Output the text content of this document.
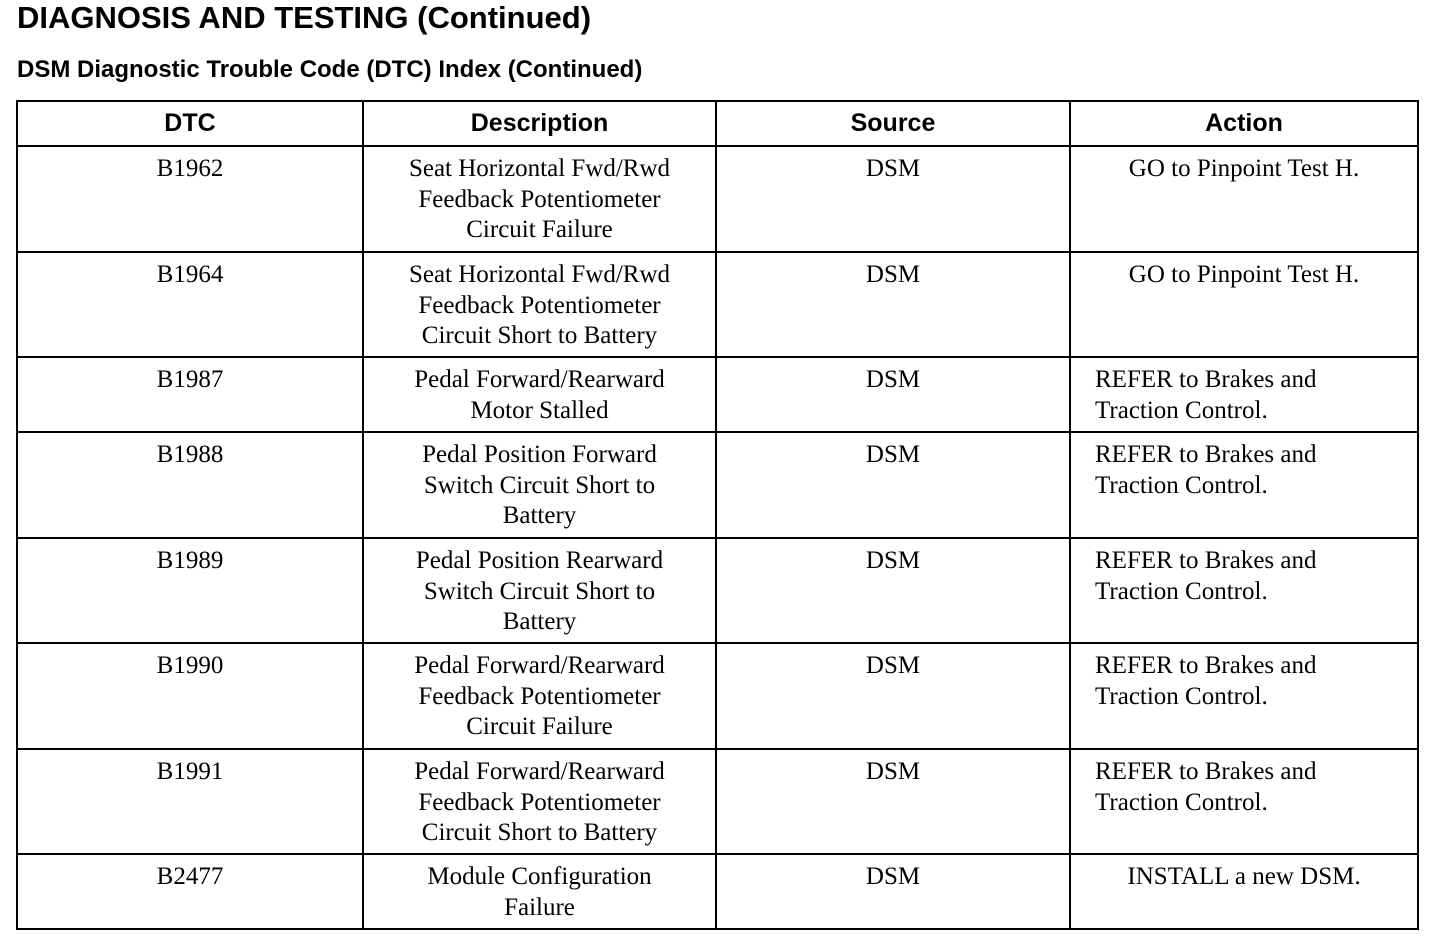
DIAGNOSIS AND TESTING (Continued)
DSM Diagnostic Trouble Code (DTC) Index (Continued)
DTC	Description	Source	Action

B1962	Seat Horizontal Fwd/Rwd
Feedback Potentiometer
Circuit Failure	DSM	GO to Pinpoint Test H.

B1964	Seat Horizontal Fwd/Rwd
Feedback Potentiometer
Circuit Short to Battery	DSM	GO to Pinpoint Test H.

B1987	Pedal Forward/Rearward
Motor Stalled	DSM	REFER to Brakes and
Traction Control.

B1988	Pedal Position Forward
Switch Circuit Short to
Battery	DSM	REFER to Brakes and
Traction Control.

B1989	Pedal Position Rearward
Switch Circuit Short to
Battery	DSM	REFER to Brakes and
Traction Control.

B1990	Pedal Forward/Rearward
Feedback Potentiometer
Circuit Failure	DSM	REFER to Brakes and
Traction Control.

B1991	Pedal Forward/Rearward
Feedback Potentiometer
Circuit Short to Battery	DSM	REFER to Brakes and
Traction Control.

B2477	Module Configuration
Failure	DSM	INSTALL a new DSM.
